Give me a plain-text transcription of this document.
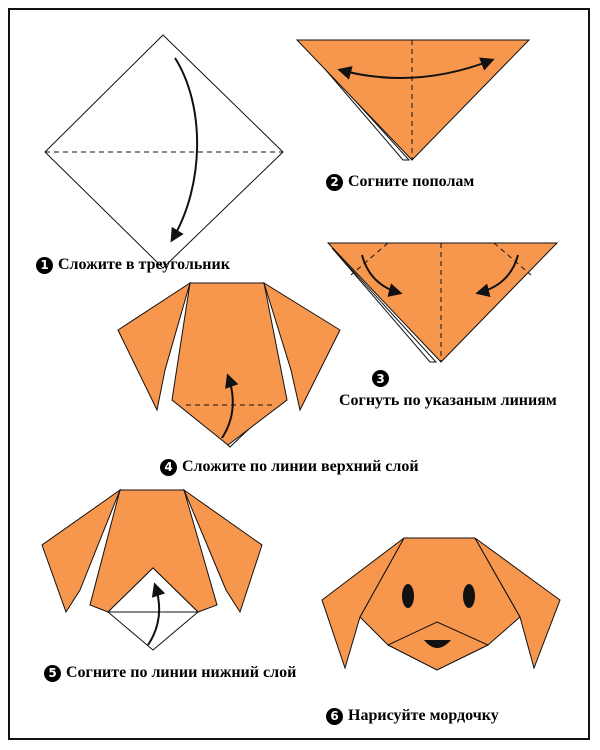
1 Сложите в треугольник
2 Согните пополам
3
Согнуть по указаным линиям
4 Сложите по линии верхний слой
5 Согните по линии нижний слой
6 Нарисуйте мордочку
